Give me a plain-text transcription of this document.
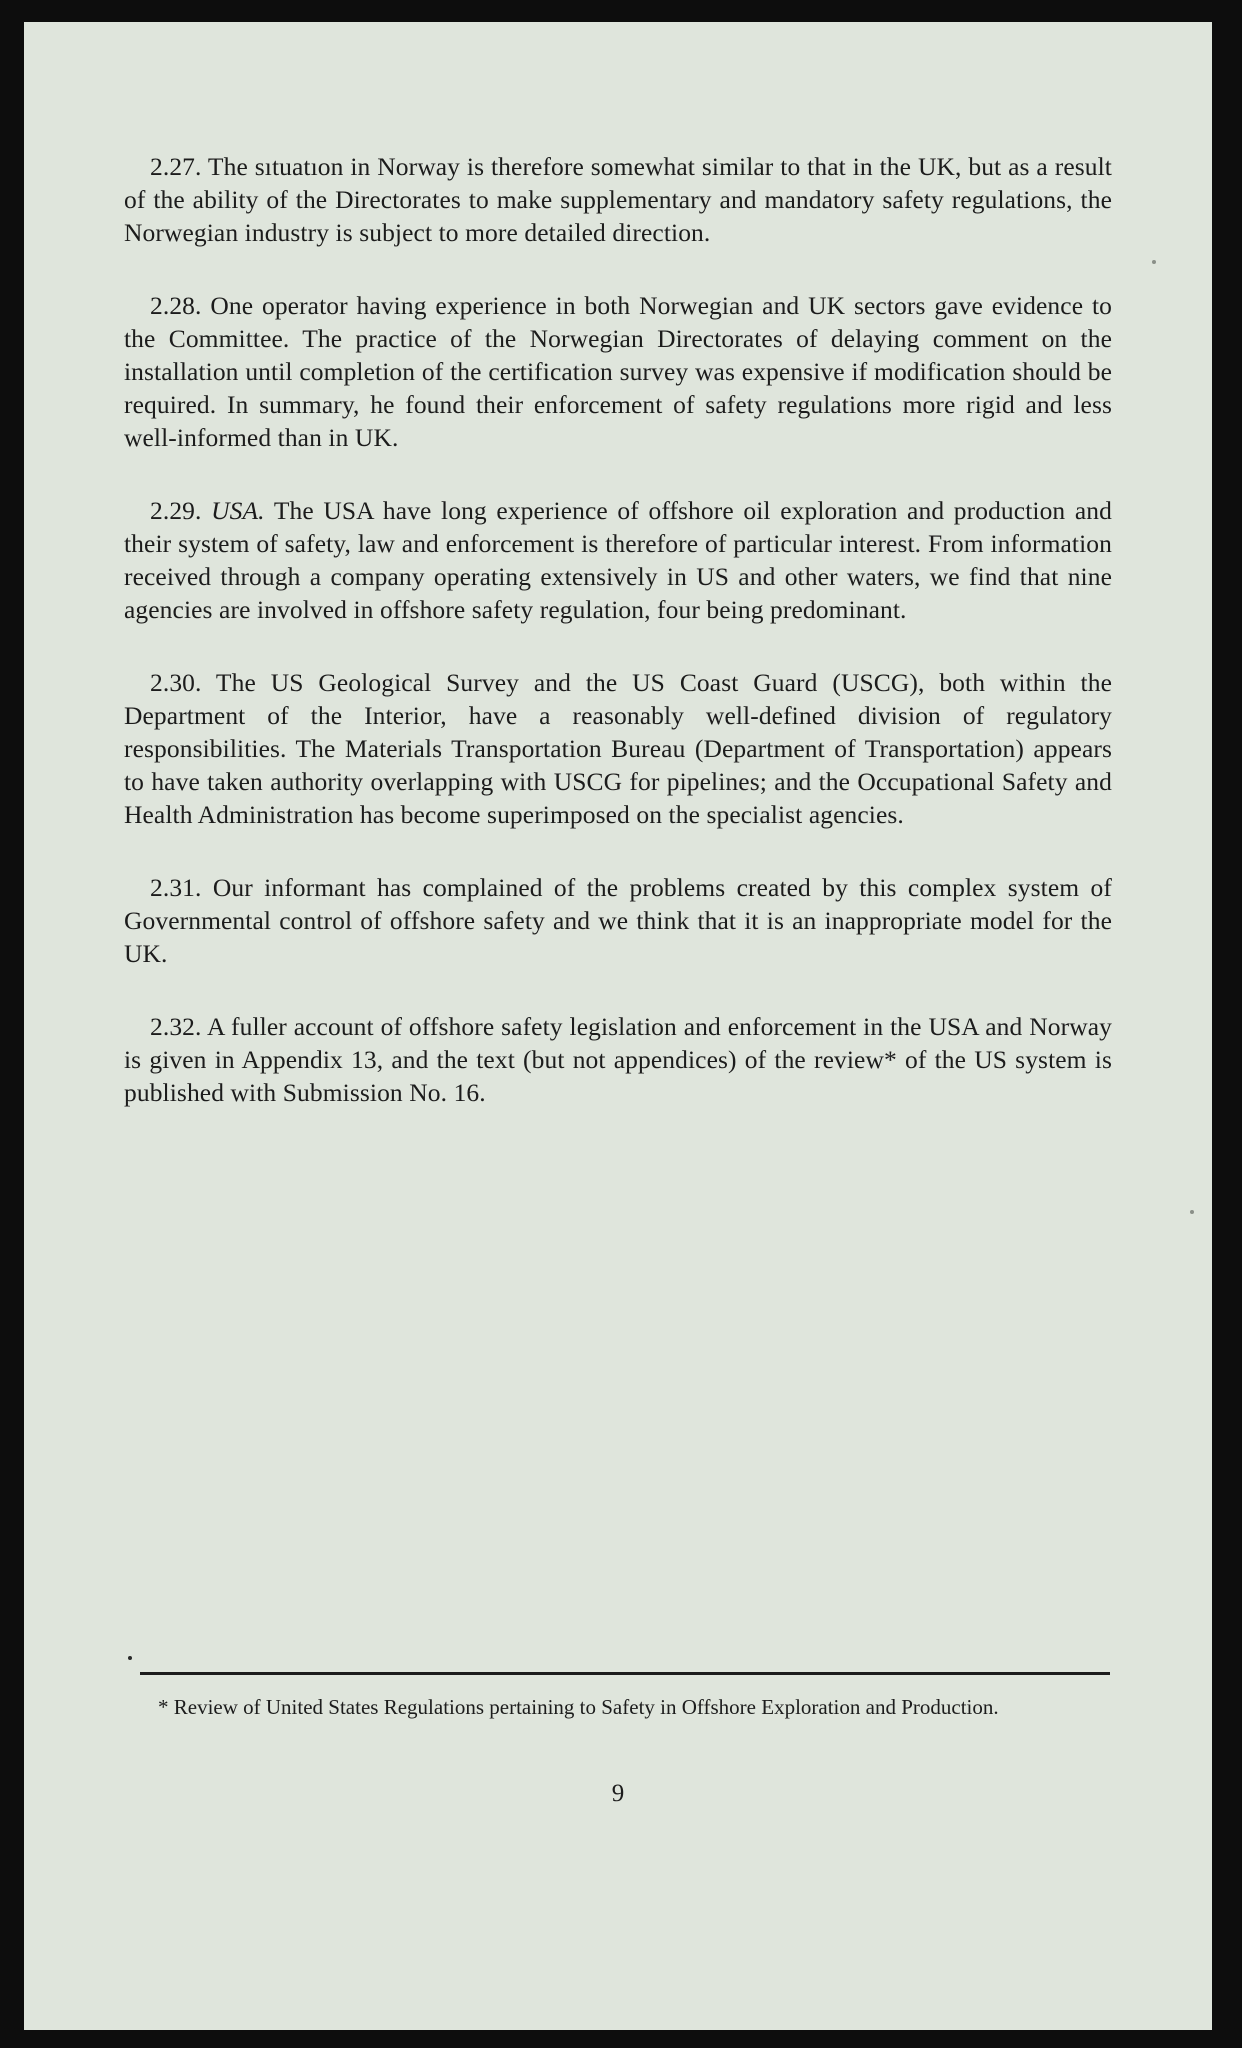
2.27. The sıtuatıon in Norway is therefore somewhat similar to that in the UK, but as a result of the ability of the Directorates to make supplementary and mandatory safety regulations, the Norwegian industry is subject to more detailed direction.

2.28. One operator having experience in both Norwegian and UK sectors gave evidence to the Committee. The practice of the Norwegian Directorates of delaying comment on the installation until completion of the certification survey was expensive if modification should be required. In summary, he found their enforcement of safety regulations more rigid and less well-informed than in UK.

2.29. USA. The USA have long experience of offshore oil exploration and production and their system of safety, law and enforcement is therefore of particular interest. From information received through a company operating extensively in US and other waters, we find that nine agencies are involved in offshore safety regulation, four being predominant.

2.30. The US Geological Survey and the US Coast Guard (USCG), both within the Department of the Interior, have a reasonably well-defined division of regulatory responsibilities. The Materials Transportation Bureau (Department of Transportation) appears to have taken authority overlapping with USCG for pipelines; and the Occupational Safety and Health Administration has become superimposed on the specialist agencies.

2.31. Our informant has complained of the problems created by this complex system of Governmental control of offshore safety and we think that it is an inappropriate model for the UK.

2.32. A fuller account of offshore safety legislation and enforcement in the USA and Norway is given in Appendix 13, and the text (but not appendices) of the review* of the US system is published with Submission No. 16.

* Review of United States Regulations pertaining to Safety in Offshore Exploration and Production.

9
